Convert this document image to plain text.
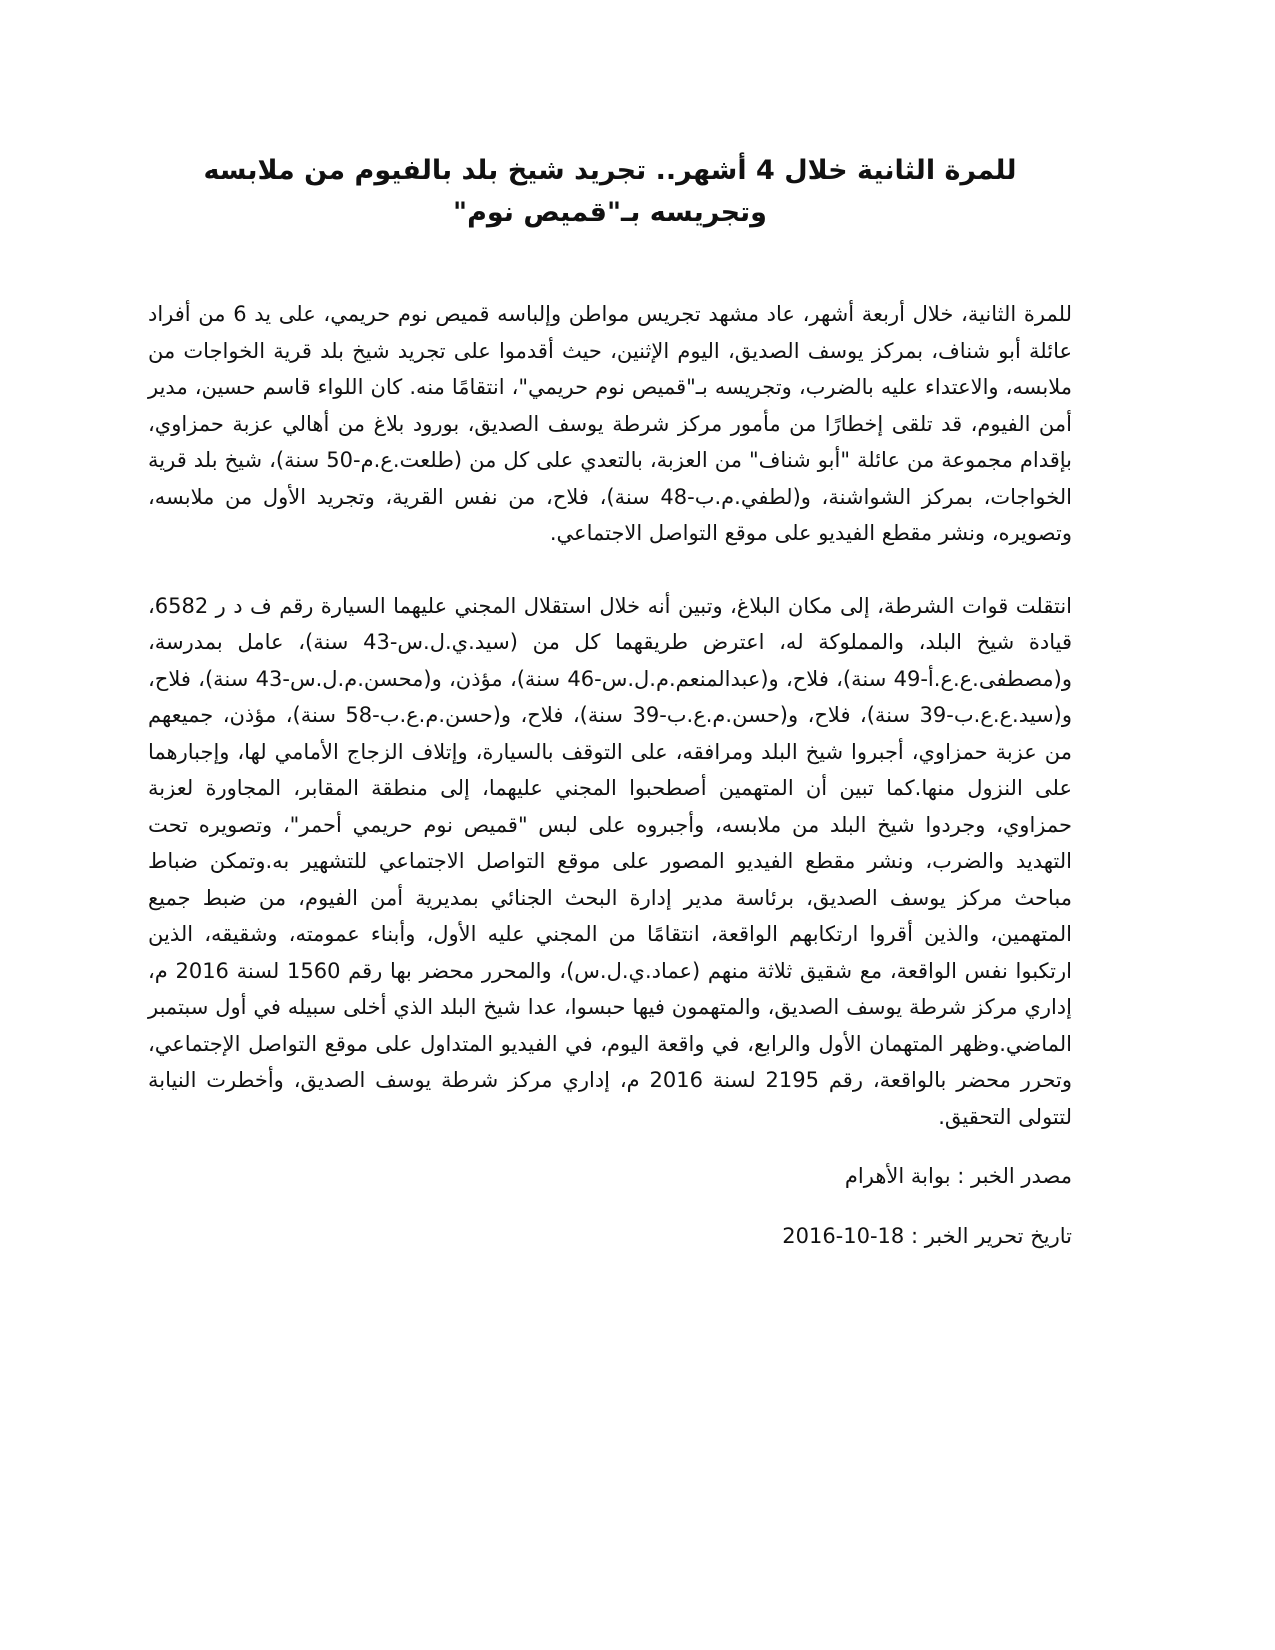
للمرة الثانية خلال 4 أشهر.. تجريد شيخ بلد بالفيوم من ملابسه وتجريسه بـ"قميص نوم"

للمرة الثانية، خلال أربعة أشهر، عاد مشهد تجريس مواطن وإلباسه قميص نوم حريمي، على يد 6 من أفراد عائلة أبو شناف، بمركز يوسف الصديق، اليوم الإثنين، حيث أقدموا على تجريد شيخ بلد قرية الخواجات من ملابسه، والاعتداء عليه بالضرب، وتجريسه بـ"قميص نوم حريمي"، انتقامًا منه. كان اللواء قاسم حسين، مدير أمن الفيوم، قد تلقى إخطارًا من مأمور مركز شرطة يوسف الصديق، بورود بلاغ من أهالي عزبة حمزاوي، بإقدام مجموعة من عائلة "أبو شناف" من العزبة، بالتعدي على كل من (طلعت.ع.م-50 سنة)، شيخ بلد قرية الخواجات، بمركز الشواشنة، و(لطفي.م.ب-48 سنة)، فلاح، من نفس القرية، وتجريد الأول من ملابسه، وتصويره، ونشر مقطع الفيديو على موقع التواصل الاجتماعي.

انتقلت قوات الشرطة، إلى مكان البلاغ، وتبين أنه خلال استقلال المجني عليهما السيارة رقم ف د ر 6582، قيادة شيخ البلد، والمملوكة له، اعترض طريقهما كل من (سيد.ي.ل.س-43 سنة)، عامل بمدرسة، و(مصطفى.ع.ع.أ-49 سنة)، فلاح، و(عبدالمنعم.م.ل.س-46 سنة)، مؤذن، و(محسن.م.ل.س-43 سنة)، فلاح، و(سيد.ع.ع.ب-39 سنة)، فلاح، و(حسن.م.ع.ب-39 سنة)، فلاح، و(حسن.م.ع.ب-58 سنة)، مؤذن، جميعهم من عزبة حمزاوي، أجبروا شيخ البلد ومرافقه، على التوقف بالسيارة، وإتلاف الزجاج الأمامي لها، وإجبارهما على النزول منها.كما تبين أن المتهمين أصطحبوا المجني عليهما، إلى منطقة المقابر، المجاورة لعزبة حمزاوي، وجردوا شيخ البلد من ملابسه، وأجبروه على لبس "قميص نوم حريمي أحمر"، وتصويره تحت التهديد والضرب، ونشر مقطع الفيديو المصور على موقع التواصل الاجتماعي للتشهير به.وتمكن ضباط مباحث مركز يوسف الصديق، برئاسة مدير إدارة البحث الجنائي بمديرية أمن الفيوم، من ضبط جميع المتهمين، والذين أقروا ارتكابهم الواقعة، انتقامًا من المجني عليه الأول، وأبناء عمومته، وشقيقه، الذين ارتكبوا نفس الواقعة، مع شقيق ثلاثة منهم (عماد.ي.ل.س)، والمحرر محضر بها رقم 1560 لسنة 2016 م، إداري مركز شرطة يوسف الصديق، والمتهمون فيها حبسوا، عدا شيخ البلد الذي أخلى سبيله في أول سبتمبر الماضي.وظهر المتهمان الأول والرابع، في واقعة اليوم، في الفيديو المتداول على موقع التواصل الإجتماعي، وتحرر محضر بالواقعة، رقم 2195 لسنة 2016 م، إداري مركز شرطة يوسف الصديق، وأخطرت النيابة لتتولى التحقيق.

مصدر الخبر : بوابة الأهرام

تاريخ تحرير الخبر : 2016-10-18
